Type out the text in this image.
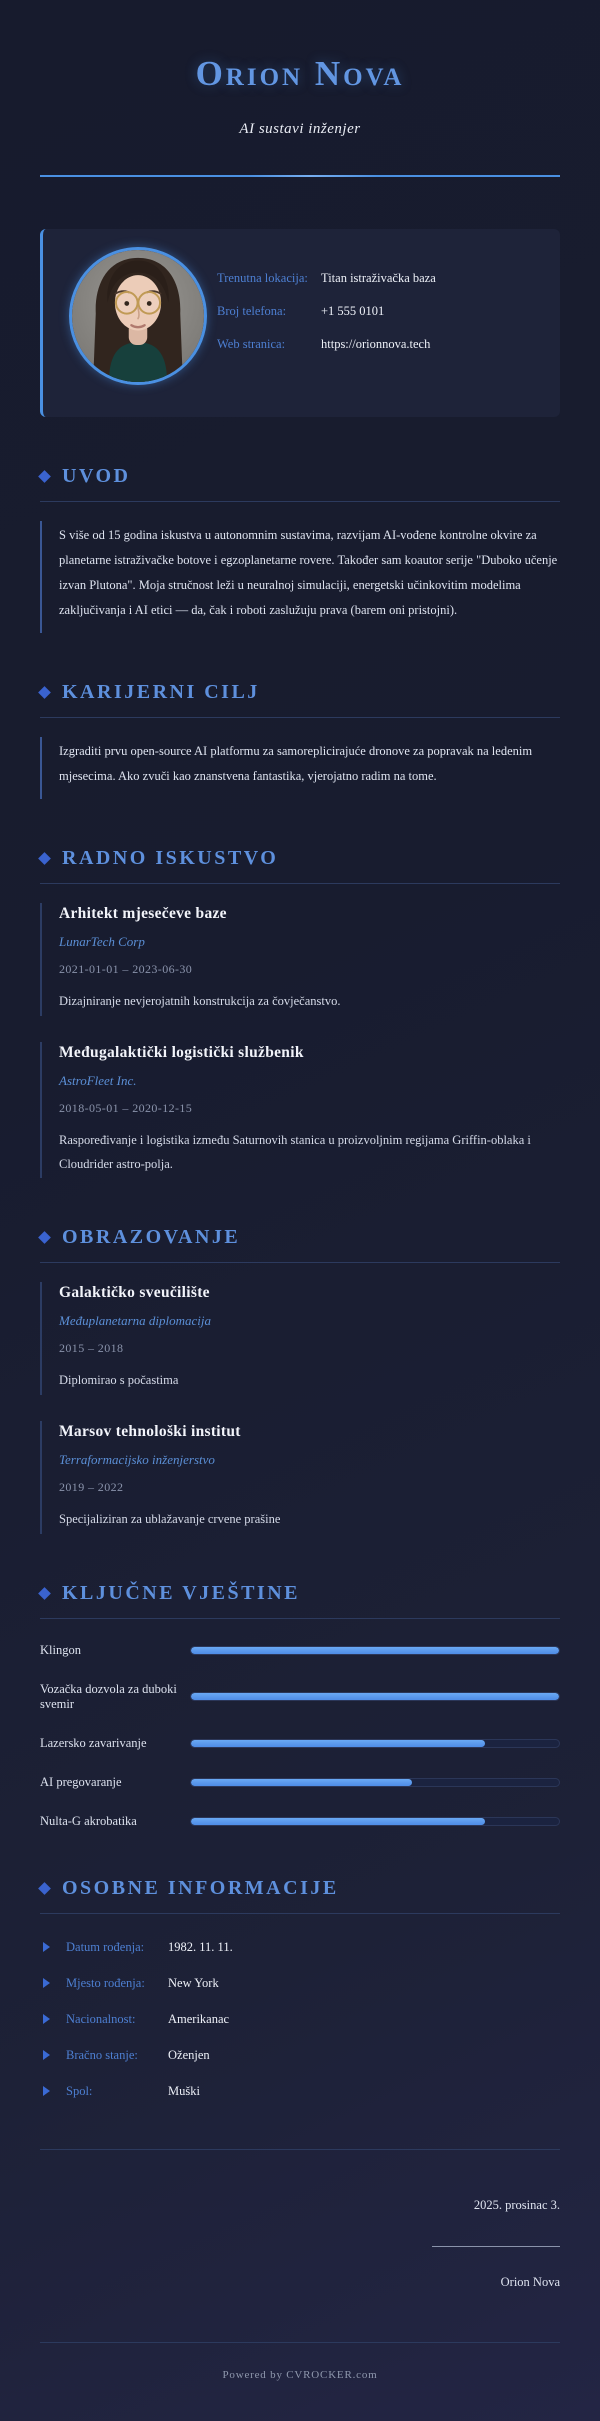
Orion Nova
AI sustavi inženjer
Trenutna lokacija:	Titan istraživačka baza
Broj telefona:	+1 555 0101
Web stranica:	https://orionnova.tech
UVOD

S više od 15 godina iskustva u autonomnim sustavima, razvijam AI-vođene kontrolne okvire za planetarne istraživačke botove i egzoplanetarne rovere. Također sam koautor serije "Duboko učenje izvan Plutona". Moja stručnost leži u neuralnoj simulaciji, energetski učinkovitim modelima zaključivanja i AI etici — da, čak i roboti zaslužuju prava (barem oni pristojni).

KARIJERNI CILJ

Izgraditi prvu open-source AI platformu za samoreplicirajuće dronove za popravak na ledenim mjesecima. Ako zvuči kao znanstvena fantastika, vjerojatno radim na tome.

RADNO ISKUSTVO
Arhitekt mjesečeve baze
LunarTech Corp
2021-01-01 – 2023-06-30
Dizajniranje nevjerojatnih konstrukcija za čovječanstvo.
Međugalaktički logistički službenik
AstroFleet Inc.
2018-05-01 – 2020-12-15
Raspoređivanje i logistika između Saturnovih stanica u proizvoljnim regijama Griffin-oblaka i Cloudrider astro-polja.
OBRAZOVANJE
Galaktičko sveučilište
Međuplanetarna diplomacija
2015 – 2018
Diplomirao s počastima
Marsov tehnološki institut
Terraformacijsko inženjerstvo
2019 – 2022
Specijaliziran za ublažavanje crvene prašine
KLJUČNE VJEŠTINE
Klingon
Vozačka dozvola za duboki svemir
Lazersko zavarivanje
AI pregovaranje
Nulta-G akrobatika
OSOBNE INFORMACIJE
Datum rođenja:	1982. 11. 11.
Mjesto rođenja:	New York
Nacionalnost:	Amerikanac
Bračno stanje:	Oženjen
Spol:	Muški
2025. prosinac 3.
Orion Nova
Powered by CVROCKER.com
